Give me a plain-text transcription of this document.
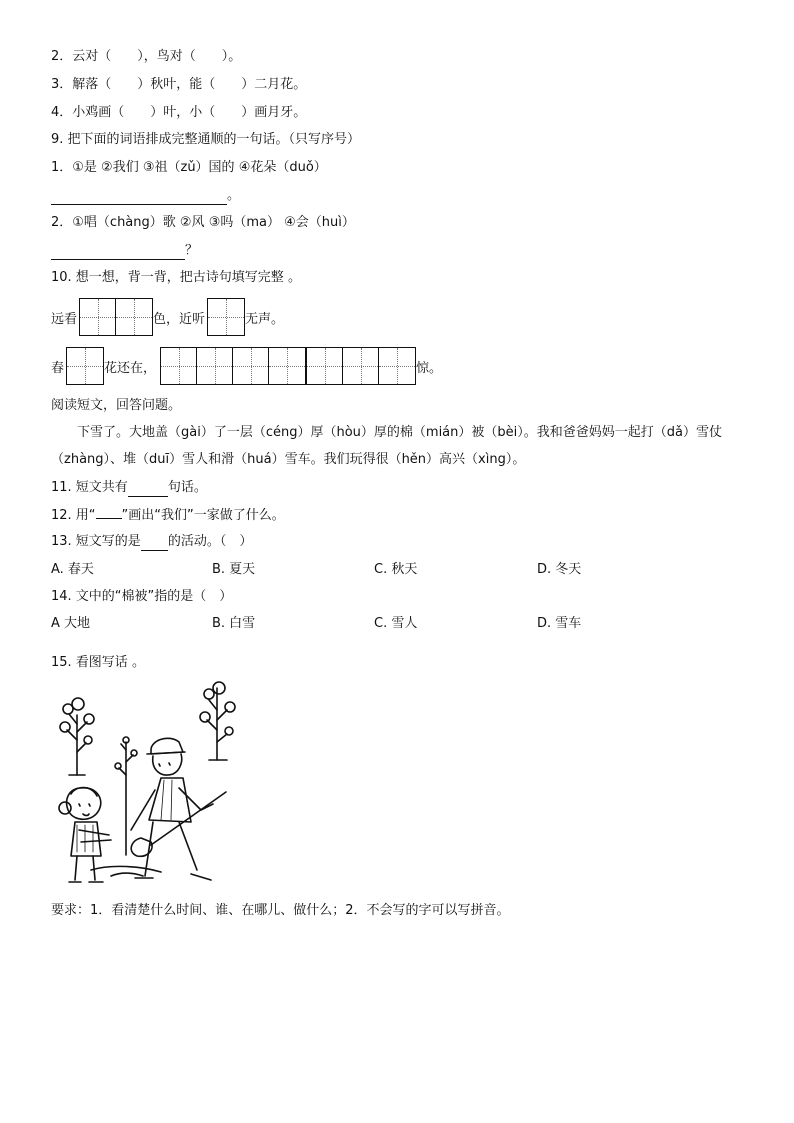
2．云对（　　），鸟对（　　）。
3．解落（　　）秋叶，能（　　）二月花。
4．小鸡画（　　）叶，小（　　）画月牙。
9. 把下面的词语排成完整通顺的一句话。（只写序号）
1．①是 ②我们 ③祖（zǔ）国的 ④花朵（duǒ）
。
2．①唱（chàng）歌 ②风 ③吗（ma） ④会（huì）
？
10. 想一想，背一背，把古诗句填写完整 。
远看	色，近听	无声。
春	花还在，	惊。
阅读短文，回答问题。
下雪了。大地盖（gài）了一层（céng）厚（hòu）厚的棉（mián）被（bèi）。我和爸爸妈妈一起打（dǎ）雪仗
（zhàng）、堆（duī）雪人和滑（huá）雪车。我们玩得很（hěn）高兴（xìng）。
11. 短文共有	句话。
12. 用“ ”画出“我们”一家做了什么。
13. 短文写的是 的活动。（　）
A. 春天	B. 夏天	C. 秋天	D. 冬天
14. 文中的“棉被”指的是（　）
A 大地	B. 白雪	C. 雪人	D. 雪车
15. 看图写话 。
要求：1．看清楚什么时间、谁、在哪儿、做什么；2．不会写的字可以写拼音。
